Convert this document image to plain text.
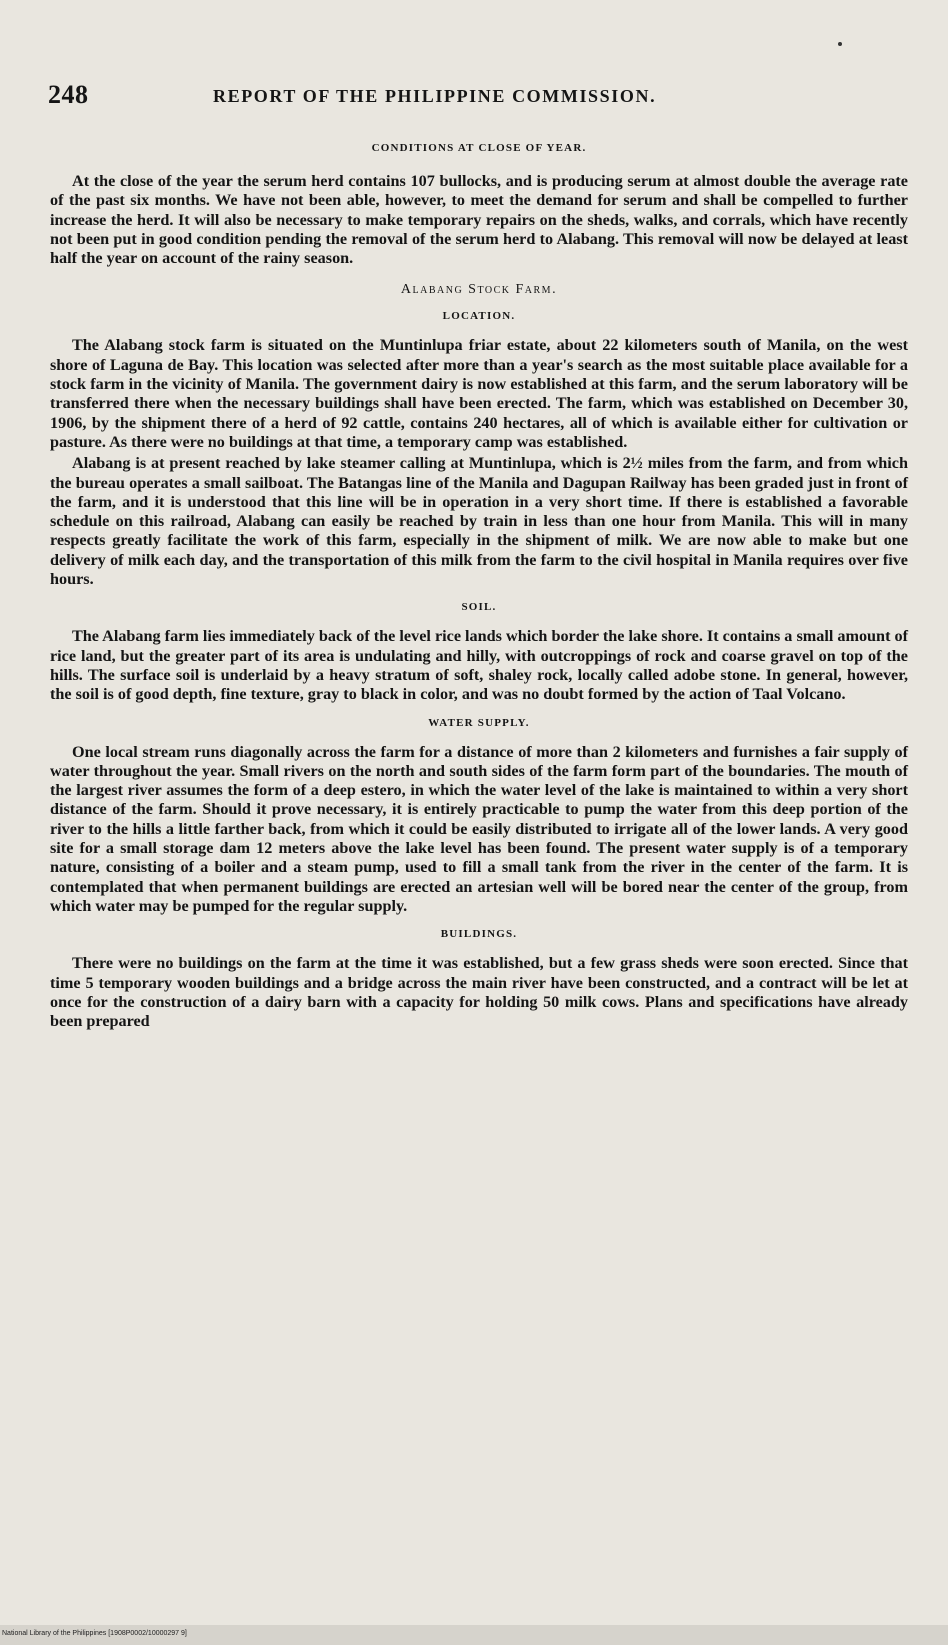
248	REPORT OF THE PHILIPPINE COMMISSION.
CONDITIONS AT CLOSE OF YEAR.

At the close of the year the serum herd contains 107 bullocks, and is producing serum at almost double the average rate of the past six months. We have not been able, however, to meet the demand for serum and shall be compelled to further increase the herd. It will also be necessary to make temporary repairs on the sheds, walks, and corrals, which have recently not been put in good condition pending the removal of the serum herd to Alabang. This removal will now be delayed at least half the year on account of the rainy season.

Alabang Stock Farm.
LOCATION.

The Alabang stock farm is situated on the Muntinlupa friar estate, about 22 kilometers south of Manila, on the west shore of Laguna de Bay. This location was selected after more than a year's search as the most suitable place available for a stock farm in the vicinity of Manila. The government dairy is now established at this farm, and the serum laboratory will be transferred there when the necessary buildings shall have been erected. The farm, which was established on December 30, 1906, by the shipment there of a herd of 92 cattle, contains 240 hectares, all of which is available either for cultivation or pasture. As there were no buildings at that time, a temporary camp was established.

Alabang is at present reached by lake steamer calling at Muntinlupa, which is 2½ miles from the farm, and from which the bureau operates a small sailboat. The Batangas line of the Manila and Dagupan Railway has been graded just in front of the farm, and it is understood that this line will be in operation in a very short time. If there is established a favorable schedule on this railroad, Alabang can easily be reached by train in less than one hour from Manila. This will in many respects greatly facilitate the work of this farm, especially in the shipment of milk. We are now able to make but one delivery of milk each day, and the transportation of this milk from the farm to the civil hospital in Manila requires over five hours.

SOIL.

The Alabang farm lies immediately back of the level rice lands which border the lake shore. It contains a small amount of rice land, but the greater part of its area is undulating and hilly, with outcroppings of rock and coarse gravel on top of the hills. The surface soil is underlaid by a heavy stratum of soft, shaley rock, locally called adobe stone. In general, however, the soil is of good depth, fine texture, gray to black in color, and was no doubt formed by the action of Taal Volcano.

WATER SUPPLY.

One local stream runs diagonally across the farm for a distance of more than 2 kilometers and furnishes a fair supply of water throughout the year. Small rivers on the north and south sides of the farm form part of the boundaries. The mouth of the largest river assumes the form of a deep estero, in which the water level of the lake is maintained to within a very short distance of the farm. Should it prove necessary, it is entirely practicable to pump the water from this deep portion of the river to the hills a little farther back, from which it could be easily distributed to irrigate all of the lower lands. A very good site for a small storage dam 12 meters above the lake level has been found. The present water supply is of a temporary nature, consisting of a boiler and a steam pump, used to fill a small tank from the river in the center of the farm. It is contemplated that when permanent buildings are erected an artesian well will be bored near the center of the group, from which water may be pumped for the regular supply.

BUILDINGS.

There were no buildings on the farm at the time it was established, but a few grass sheds were soon erected. Since that time 5 temporary wooden buildings and a bridge across the main river have been constructed, and a contract will be let at once for the construction of a dairy barn with a capacity for holding 50 milk cows. Plans and specifications have already been prepared

National Library of the Philippines [1908P0002/10000297 9]
